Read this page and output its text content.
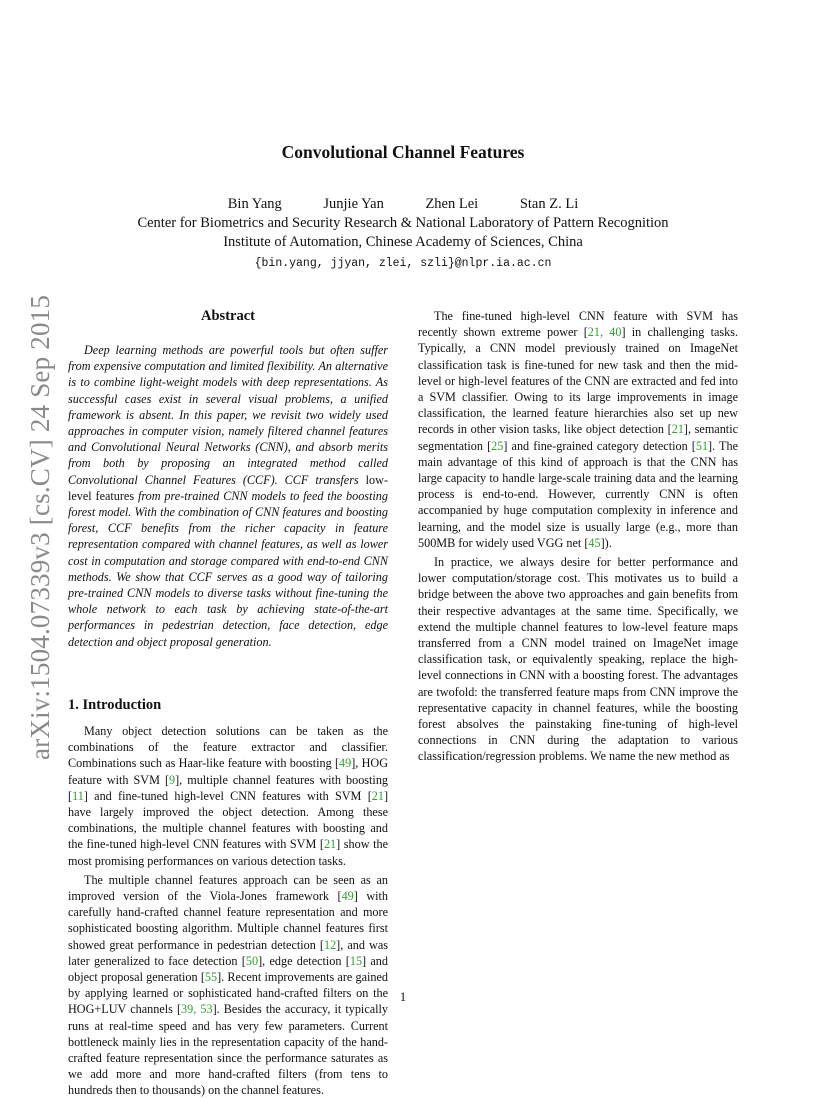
arXiv:1504.07339v3 [cs.CV] 24 Sep 2015
Convolutional Channel Features
Bin Yang	Junjie Yan	Zhen Lei	Stan Z. Li
Center for Biometrics and Security Research & National Laboratory of Pattern Recognition
Institute of Automation, Chinese Academy of Sciences, China
{bin.yang, jjyan, zlei, szli}@nlpr.ia.ac.cn
Abstract

Deep learning methods are powerful tools but often suffer from expensive computation and limited flexibility. An alternative is to combine light-weight models with deep representations. As successful cases exist in several visual problems, a unified framework is absent. In this paper, we revisit two widely used approaches in computer vision, namely filtered channel features and Convolutional Neural Networks (CNN), and absorb merits from both by proposing an integrated method called Convolutional Channel Features (CCF). CCF transfers low-level features from pre-trained CNN models to feed the boosting forest model. With the combination of CNN features and boosting forest, CCF benefits from the richer capacity in feature representation compared with channel features, as well as lower cost in computation and storage compared with end-to-end CNN methods. We show that CCF serves as a good way of tailoring pre-trained CNN models to diverse tasks without fine-tuning the whole network to each task by achieving state-of-the-art performances in pedestrian detection, face detection, edge detection and object proposal generation.

1. Introduction

Many object detection solutions can be taken as the combinations of the feature extractor and classifier. Combinations such as Haar-like feature with boosting [49], HOG feature with SVM [9], multiple channel features with boosting [11] and fine-tuned high-level CNN features with SVM [21] have largely improved the object detection. Among these combinations, the multiple channel features with boosting and the fine-tuned high-level CNN features with SVM [21] show the most promising performances on various detection tasks.

The multiple channel features approach can be seen as an improved version of the Viola-Jones framework [49] with carefully hand-crafted channel feature representation and more sophisticated boosting algorithm. Multiple channel features first showed great performance in pedestrian detection [12], and was later generalized to face detection [50], edge detection [15] and object proposal generation [55]. Recent improvements are gained by applying learned or sophisticated hand-crafted filters on the HOG+LUV channels [39, 53]. Besides the accuracy, it typically runs at real-time speed and has very few parameters. Current bottleneck mainly lies in the representation capacity of the hand-crafted feature representation since the performance saturates as we add more and more hand-crafted filters (from tens to hundreds then to thousands) on the channel features.

The fine-tuned high-level CNN feature with SVM has recently shown extreme power [21, 40] in challenging tasks. Typically, a CNN model previously trained on ImageNet classification task is fine-tuned for new task and then the mid-level or high-level features of the CNN are extracted and fed into a SVM classifier. Owing to its large improvements in image classification, the learned feature hierarchies also set up new records in other vision tasks, like object detection [21], semantic segmentation [25] and fine-grained category detection [51]. The main advantage of this kind of approach is that the CNN has large capacity to handle large-scale training data and the learning process is end-to-end. However, currently CNN is often accompanied by huge computation complexity in inference and learning, and the model size is usually large (e.g., more than 500MB for widely used VGG net [45]).

In practice, we always desire for better performance and lower computation/storage cost. This motivates us to build a bridge between the above two approaches and gain benefits from their respective advantages at the same time. Specifically, we extend the multiple channel features to low-level feature maps transferred from a CNN model trained on ImageNet image classification task, or equivalently speaking, replace the high-level connections in CNN with a boosting forest. The advantages are twofold: the transferred feature maps from CNN improve the representative capacity in channel features, while the boosting forest absolves the painstaking fine-tuning of high-level connections in CNN during the adaptation to various classification/regression problems. We name the new method as

1
